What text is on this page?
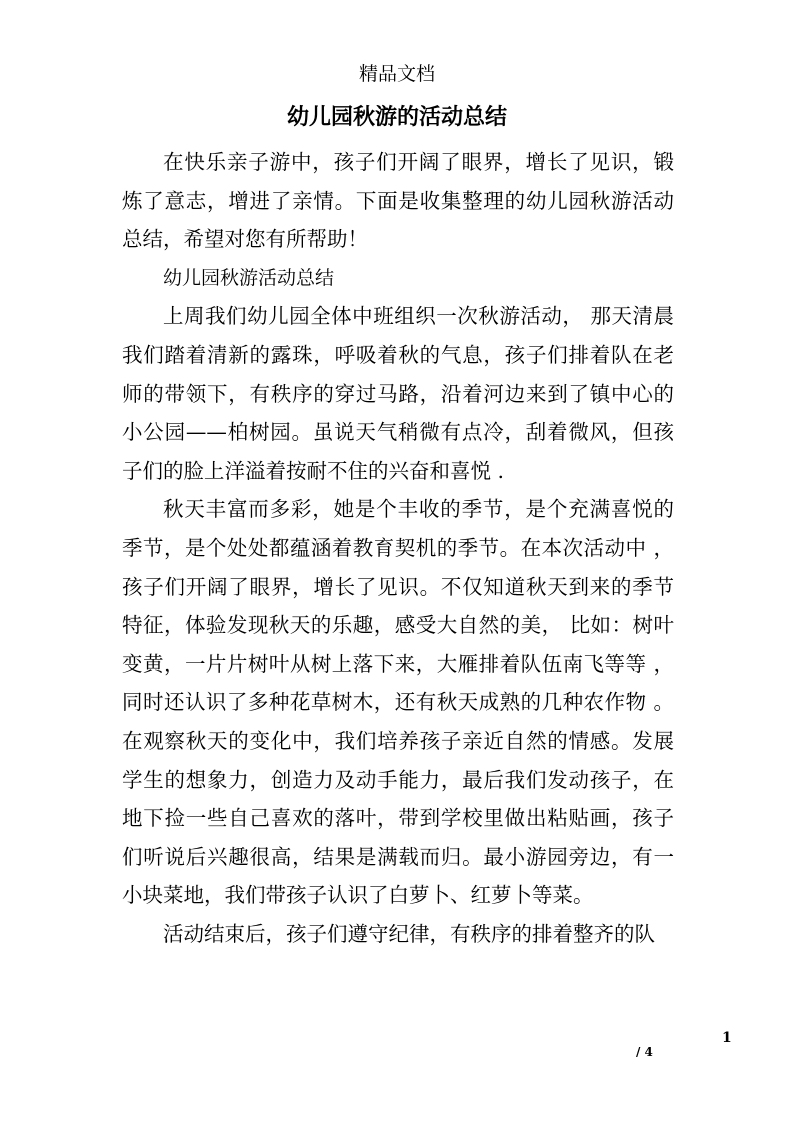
精品文档
幼儿园秋游的活动总结

在快乐亲子游中，孩子们开阔了眼界，增长了见识，锻炼了意志，增进了亲情。下面是收集整理的幼儿园秋游活动总结，希望对您有所帮助！

幼儿园秋游活动总结

上周我们幼儿园全体中班组织一次秋游活动， 那天清晨我们踏着清新的露珠，呼吸着秋的气息，孩子们排着队在老师的带领下，有秩序的穿过马路，沿着河边来到了镇中心的小公园——柏树园。虽说天气稍微有点冷，刮着微风，但孩子们的脸上洋溢着按耐不住的兴奋和喜悦 .

秋天丰富而多彩，她是个丰收的季节，是个充满喜悦的季节，是个处处都蕴涵着教育契机的季节。在本次活动中 ，孩子们开阔了眼界，增长了见识。不仅知道秋天到来的季节特征，体验发现秋天的乐趣，感受大自然的美， 比如：树叶变黄，一片片树叶从树上落下来，大雁排着队伍南飞等等 ，同时还认识了多种花草树木，还有秋天成熟的几种农作物 。在观察秋天的变化中，我们培养孩子亲近自然的情感。发展学生的想象力，创造力及动手能力，最后我们发动孩子，在地下捡一些自己喜欢的落叶，带到学校里做出粘贴画，孩子们听说后兴趣很高，结果是满载而归。最小游园旁边，有一小块菜地，我们带孩子认识了白萝卜、红萝卜等菜。

活动结束后，孩子们遵守纪律，有秩序的排着整齐的队

1
/ 4
